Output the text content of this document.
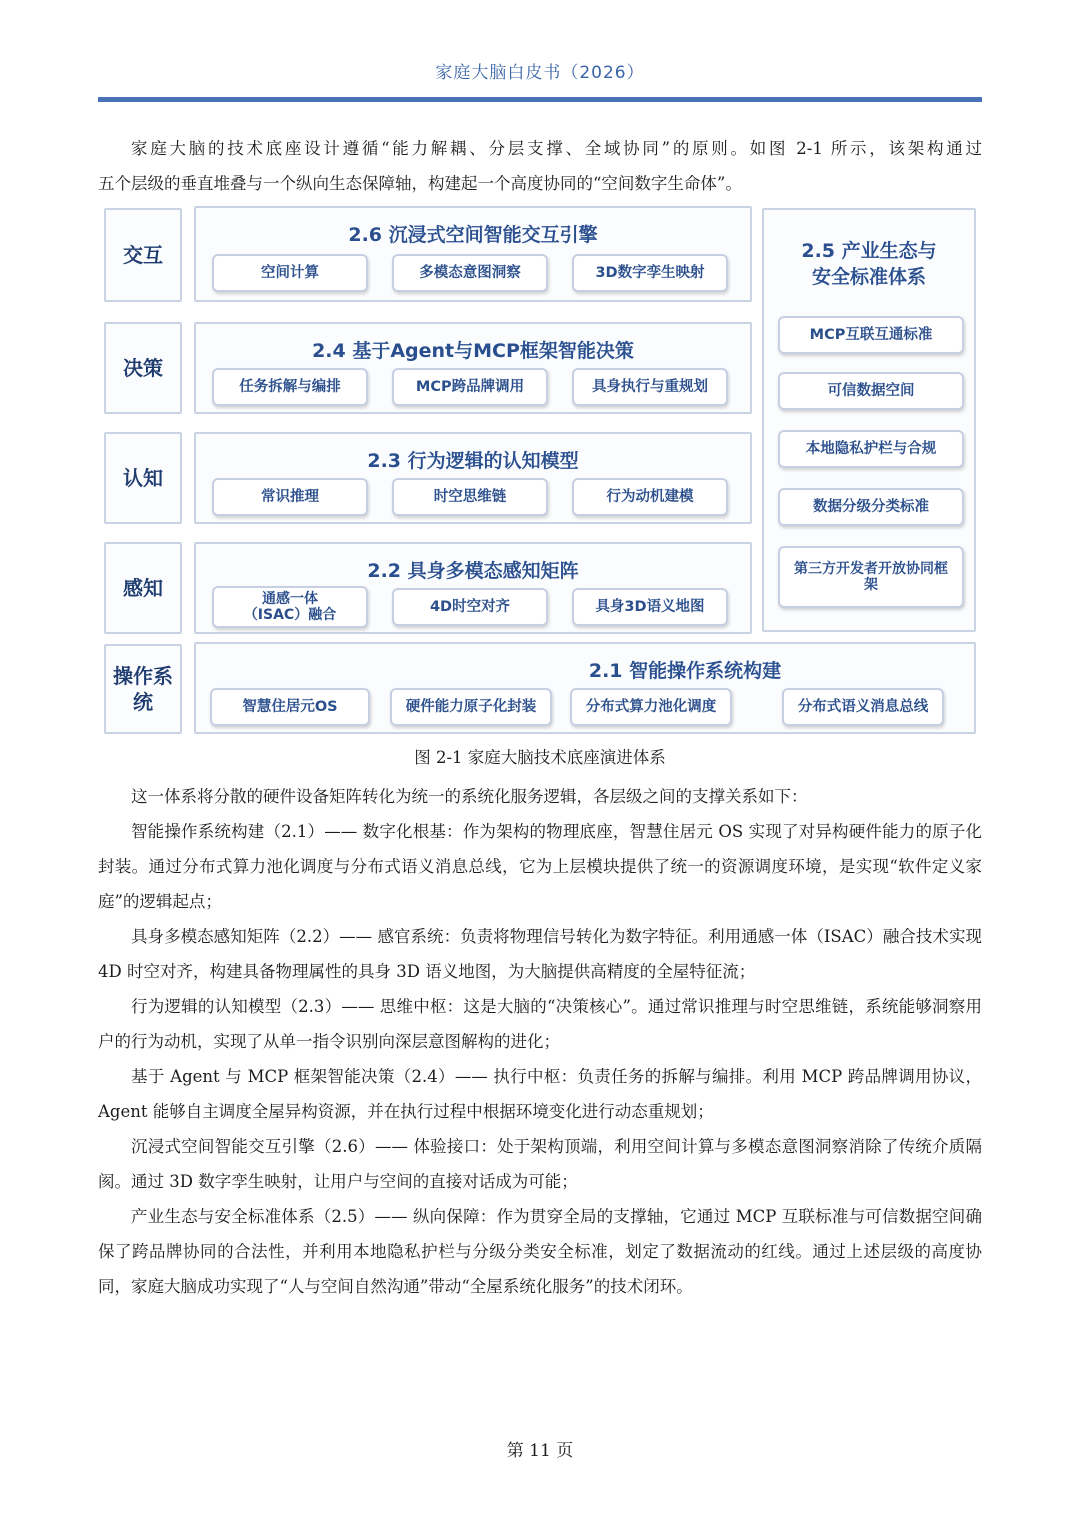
家庭大脑白皮书（2026）
家庭大脑的技术底座设计遵循“能力解耦、分层支撑、全域协同”的原则。如图 2-1 所示，该架构通过
五个层级的垂直堆叠与一个纵向生态保障轴，构建起一个高度协同的“空间数字生命体”。
交互
2.6 沉浸式空间智能交互引擎
空间计算	多模态意图洞察	3D数字孪生映射
决策
2.4 基于Agent与MCP框架智能决策
任务拆解与编排	MCP跨品牌调用	具身执行与重规划
认知
2.3 行为逻辑的认知模型
常识推理	时空思维链	行为动机建模
感知
2.2 具身多模态感知矩阵
通感一体（ISAC）融合
4D时空对齐	具身3D语义地图
操作系统
2.1 智能操作系统构建
智慧住居元OS	硬件能力原子化封装	分布式算力池化调度	分布式语义消息总线
2.5 产业生态与安全标准体系
MCP互联互通标准
可信数据空间
本地隐私护栏与合规
数据分级分类标准
第三方开发者开放协同框架
图 2-1 家庭大脑技术底座演进体系
这一体系将分散的硬件设备矩阵转化为统一的系统化服务逻辑，各层级之间的支撑关系如下：
智能操作系统构建（2.1）—— 数字化根基：作为架构的物理底座，智慧住居元 OS 实现了对异构硬件能力的原子化封装。通过分布式算力池化调度与分布式语义消息总线，它为上层模块提供了统一的资源调度环境，是实现“软件定义家庭”的逻辑起点；
具身多模态感知矩阵（2.2）—— 感官系统：负责将物理信号转化为数字特征。利用通感一体（ISAC）融合技术实现 4D 时空对齐，构建具备物理属性的具身 3D 语义地图，为大脑提供高精度的全屋特征流；
行为逻辑的认知模型（2.3）—— 思维中枢：这是大脑的“决策核心”。通过常识推理与时空思维链，系统能够洞察用户的行为动机，实现了从单一指令识别向深层意图解构的进化；
基于 Agent 与 MCP 框架智能决策（2.4）—— 执行中枢：负责任务的拆解与编排。利用 MCP 跨品牌调用协议，Agent 能够自主调度全屋异构资源，并在执行过程中根据环境变化进行动态重规划；
沉浸式空间智能交互引擎（2.6）—— 体验接口：处于架构顶端，利用空间计算与多模态意图洞察消除了传统介质隔阂。通过 3D 数字孪生映射，让用户与空间的直接对话成为可能；
产业生态与安全标准体系（2.5）—— 纵向保障：作为贯穿全局的支撑轴，它通过 MCP 互联标准与可信数据空间确保了跨品牌协同的合法性，并利用本地隐私护栏与分级分类安全标准，划定了数据流动的红线。通过上述层级的高度协同，家庭大脑成功实现了“人与空间自然沟通”带动“全屋系统化服务”的技术闭环。
第 11 页
